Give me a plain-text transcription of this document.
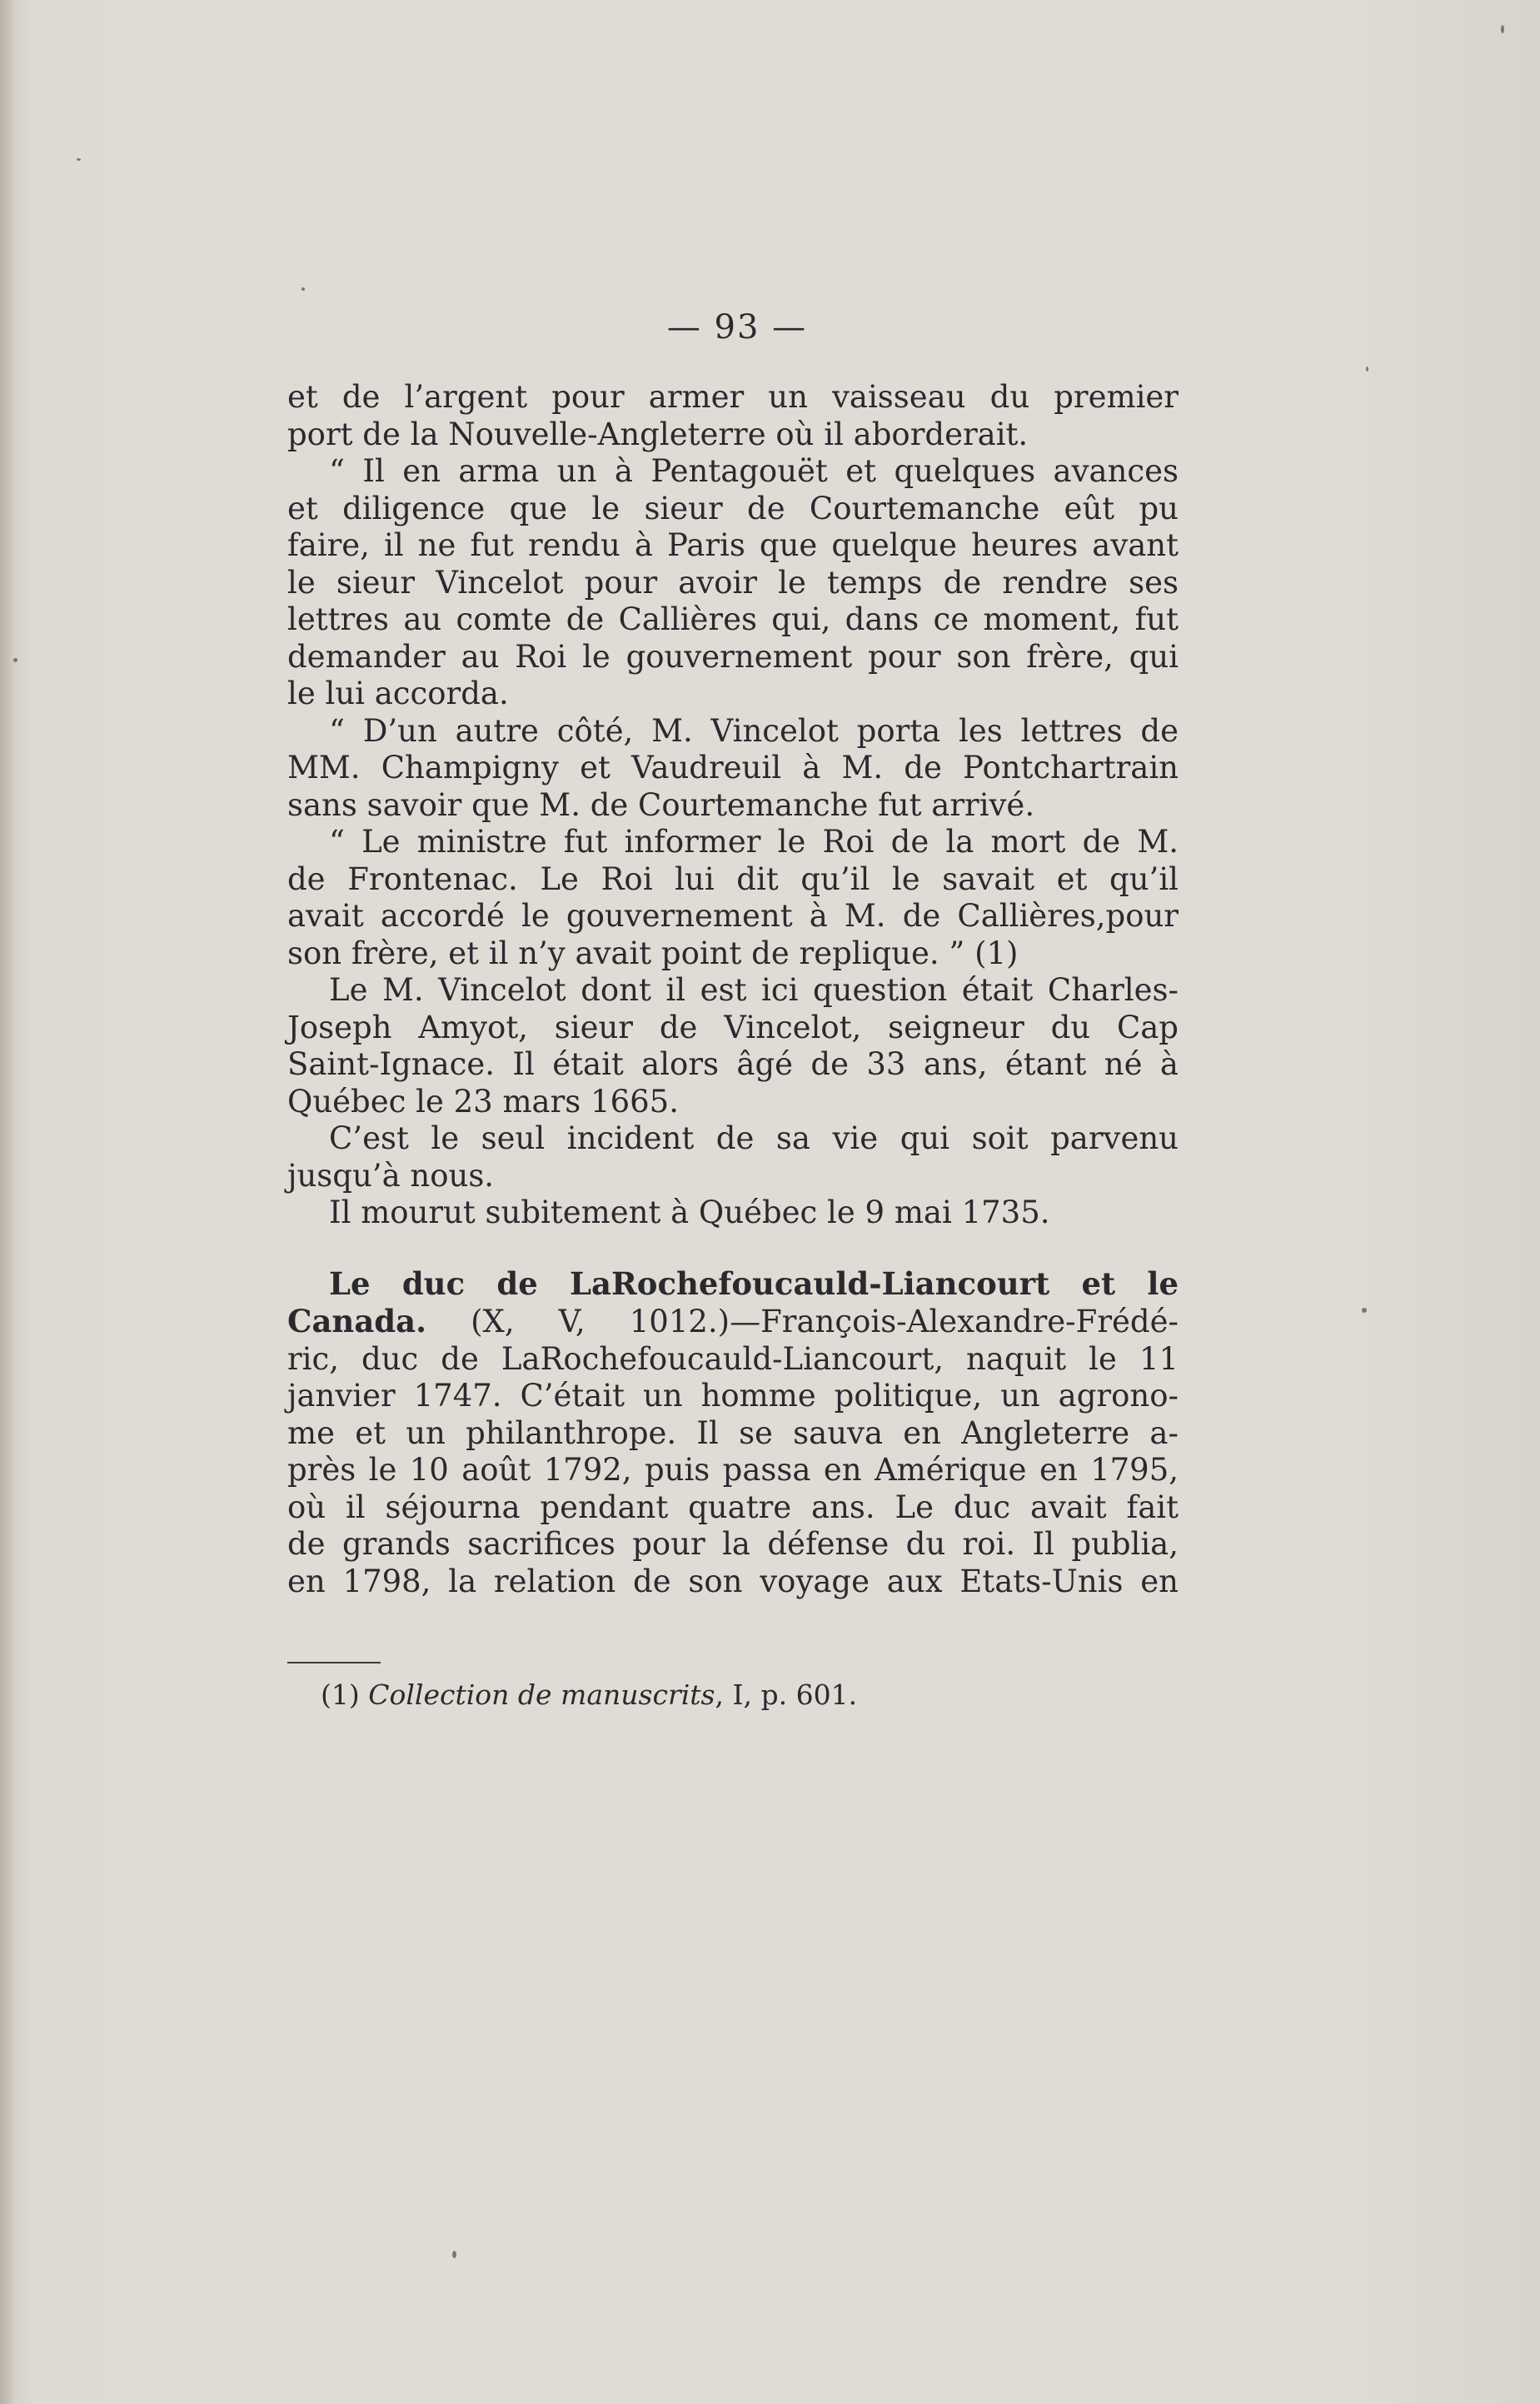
— 93 —
et de l’argent pour armer un vaisseau du premier
port de la Nouvelle-Angleterre où il aborderait.
“ Il en arma un à Pentagouët et quelques avances
et diligence que le sieur de Courtemanche eût pu
faire, il ne fut rendu à Paris que quelque heures avant
le sieur Vincelot pour avoir le temps de rendre ses
lettres au comte de Callières qui, dans ce moment, fut
demander au Roi le gouvernement pour son frère, qui
le lui accorda.
“ D’un autre côté, M. Vincelot porta les lettres de
MM. Champigny et Vaudreuil à M. de Pontchartrain
sans savoir que M. de Courtemanche fut arrivé.
“ Le ministre fut informer le Roi de la mort de M.
de Frontenac. Le Roi lui dit qu’il le savait et qu’il
avait accordé le gouvernement à M. de Callières,pour
son frère, et il n’y avait point de replique. ” (1)
Le M. Vincelot dont il est ici question était Charles-
Joseph Amyot, sieur de Vincelot, seigneur du Cap
Saint-Ignace. Il était alors âgé de 33 ans, étant né à
Québec le 23 mars 1665.
C’est le seul incident de sa vie qui soit parvenu
jusqu’à nous.
Il mourut subitement à Québec le 9 mai 1735.
Le duc de LaRochefoucauld-Liancourt et le
Canada. (X, V, 1012.)—François-Alexandre-Frédé-
ric, duc de LaRochefoucauld-Liancourt, naquit le 11
janvier 1747. C’était un homme politique, un agrono-
me et un philanthrope. Il se sauva en Angleterre a-
près le 10 août 1792, puis passa en Amérique en 1795,
où il séjourna pendant quatre ans. Le duc avait fait
de grands sacrifices pour la défense du roi. Il publia,
en 1798, la relation de son voyage aux Etats-Unis en
(1) Collection de manuscrits, I, p. 601.
